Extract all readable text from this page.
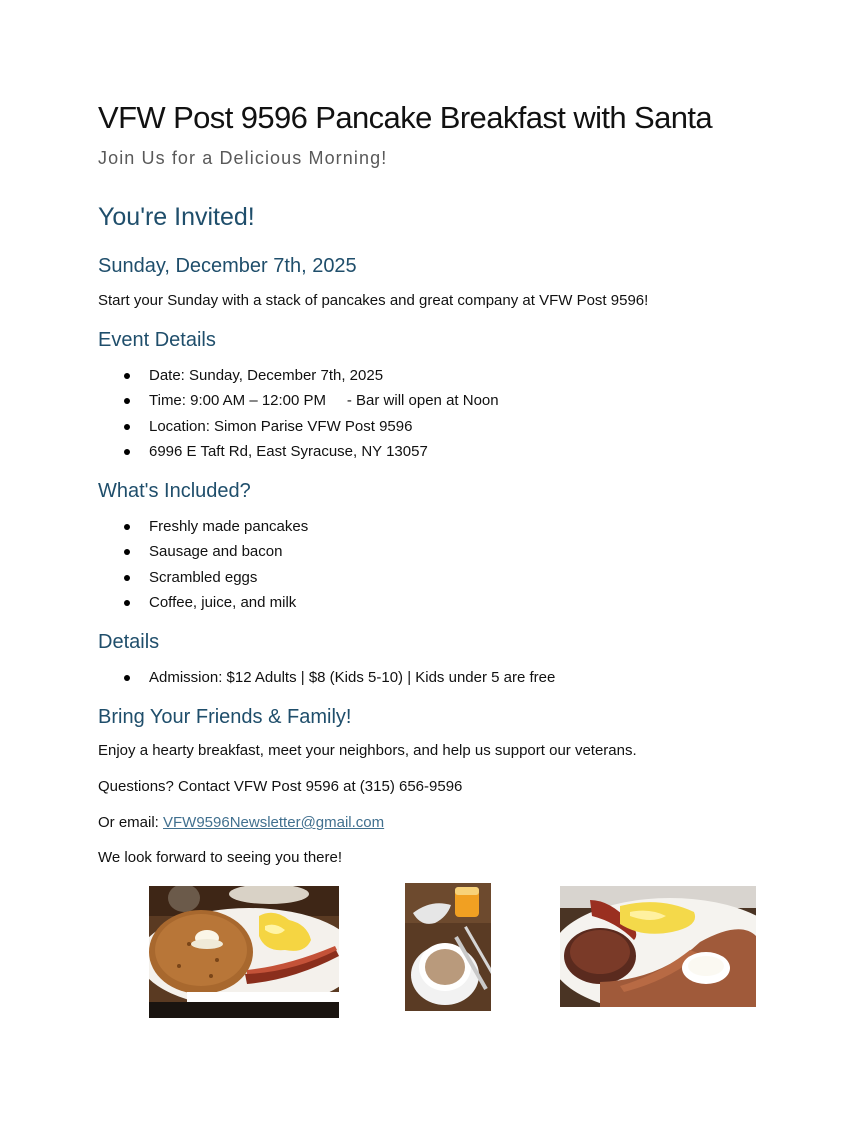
VFW Post 9596 Pancake Breakfast with Santa
Join Us for a Delicious Morning!
You're Invited!
Sunday, December 7th, 2025

Start your Sunday with a stack of pancakes and great company at VFW Post 9596!

Event Details
Date: Sunday, December 7th, 2025
Time: 9:00 AM – 12:00 PM     - Bar will open at Noon
Location: Simon Parise VFW Post 9596
6996 E Taft Rd, East Syracuse, NY 13057
What's Included?
Freshly made pancakes
Sausage and bacon
Scrambled eggs
Coffee, juice, and milk
Details
Admission: $12 Adults | $8 (Kids 5-10) | Kids under 5 are free
Bring Your Friends & Family!

Enjoy a hearty breakfast, meet your neighbors, and help us support our veterans.

Questions? Contact VFW Post 9596 at (315) 656-9596

Or email: VFW9596Newsletter@gmail.com

We look forward to seeing you there!
